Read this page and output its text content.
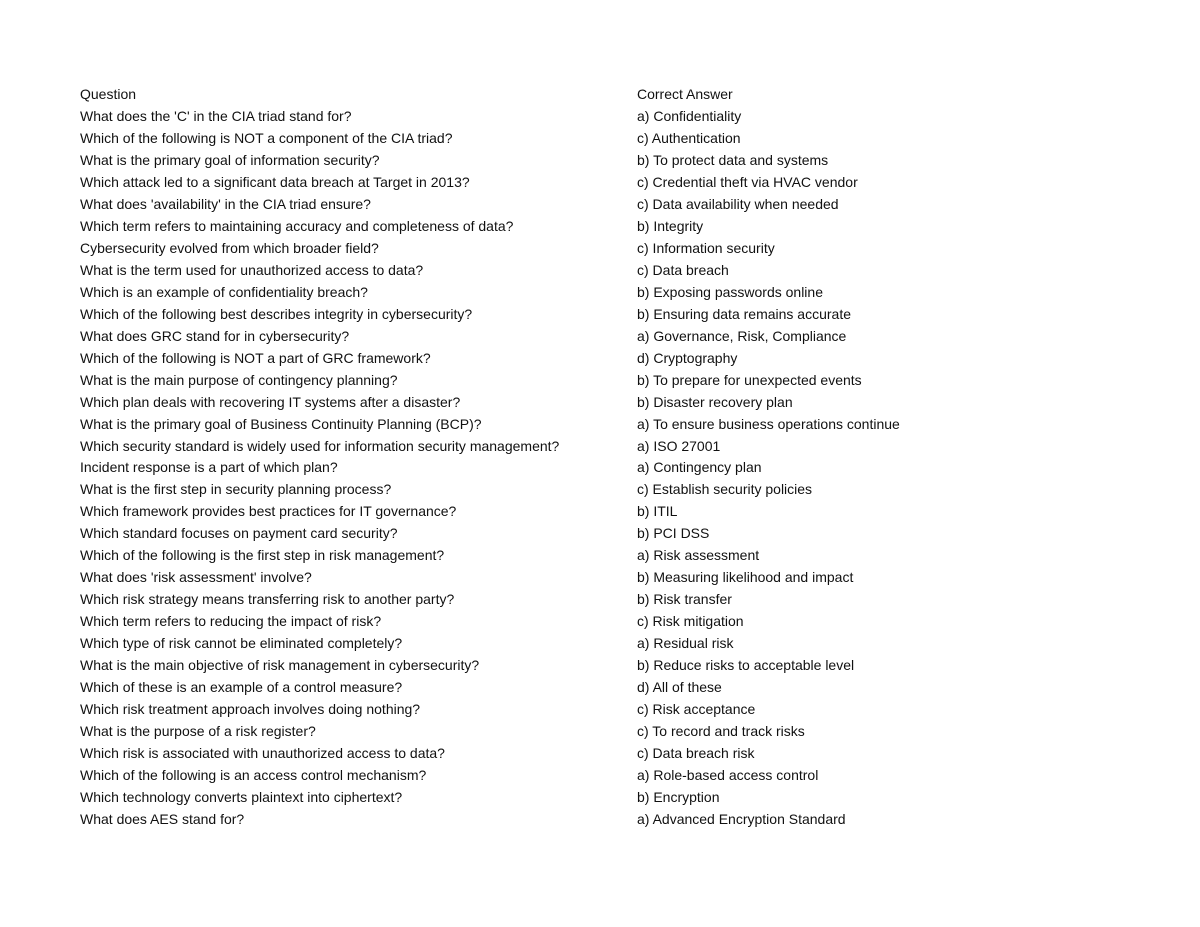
Question	Correct Answer
What does the 'C' in the CIA triad stand for?	a) Confidentiality
Which of the following is NOT a component of the CIA triad?	c) Authentication
What is the primary goal of information security?	b) To protect data and systems
Which attack led to a significant data breach at Target in 2013?	c) Credential theft via HVAC vendor
What does 'availability' in the CIA triad ensure?	c) Data availability when needed
Which term refers to maintaining accuracy and completeness of data?	b) Integrity
Cybersecurity evolved from which broader field?	c) Information security
What is the term used for unauthorized access to data?	c) Data breach
Which is an example of confidentiality breach?	b) Exposing passwords online
Which of the following best describes integrity in cybersecurity?	b) Ensuring data remains accurate
What does GRC stand for in cybersecurity?	a) Governance, Risk, Compliance
Which of the following is NOT a part of GRC framework?	d) Cryptography
What is the main purpose of contingency planning?	b) To prepare for unexpected events
Which plan deals with recovering IT systems after a disaster?	b) Disaster recovery plan
What is the primary goal of Business Continuity Planning (BCP)?	a) To ensure business operations continue
Which security standard is widely used for information security management?	a) ISO 27001
Incident response is a part of which plan?	a) Contingency plan
What is the first step in security planning process?	c) Establish security policies
Which framework provides best practices for IT governance?	b) ITIL
Which standard focuses on payment card security?	b) PCI DSS
Which of the following is the first step in risk management?	a) Risk assessment
What does 'risk assessment' involve?	b) Measuring likelihood and impact
Which risk strategy means transferring risk to another party?	b) Risk transfer
Which term refers to reducing the impact of risk?	c) Risk mitigation
Which type of risk cannot be eliminated completely?	a) Residual risk
What is the main objective of risk management in cybersecurity?	b) Reduce risks to acceptable level
Which of these is an example of a control measure?	d) All of these
Which risk treatment approach involves doing nothing?	c) Risk acceptance
What is the purpose of a risk register?	c) To record and track risks
Which risk is associated with unauthorized access to data?	c) Data breach risk
Which of the following is an access control mechanism?	a) Role-based access control
Which technology converts plaintext into ciphertext?	b) Encryption
What does AES stand for?	a) Advanced Encryption Standard
